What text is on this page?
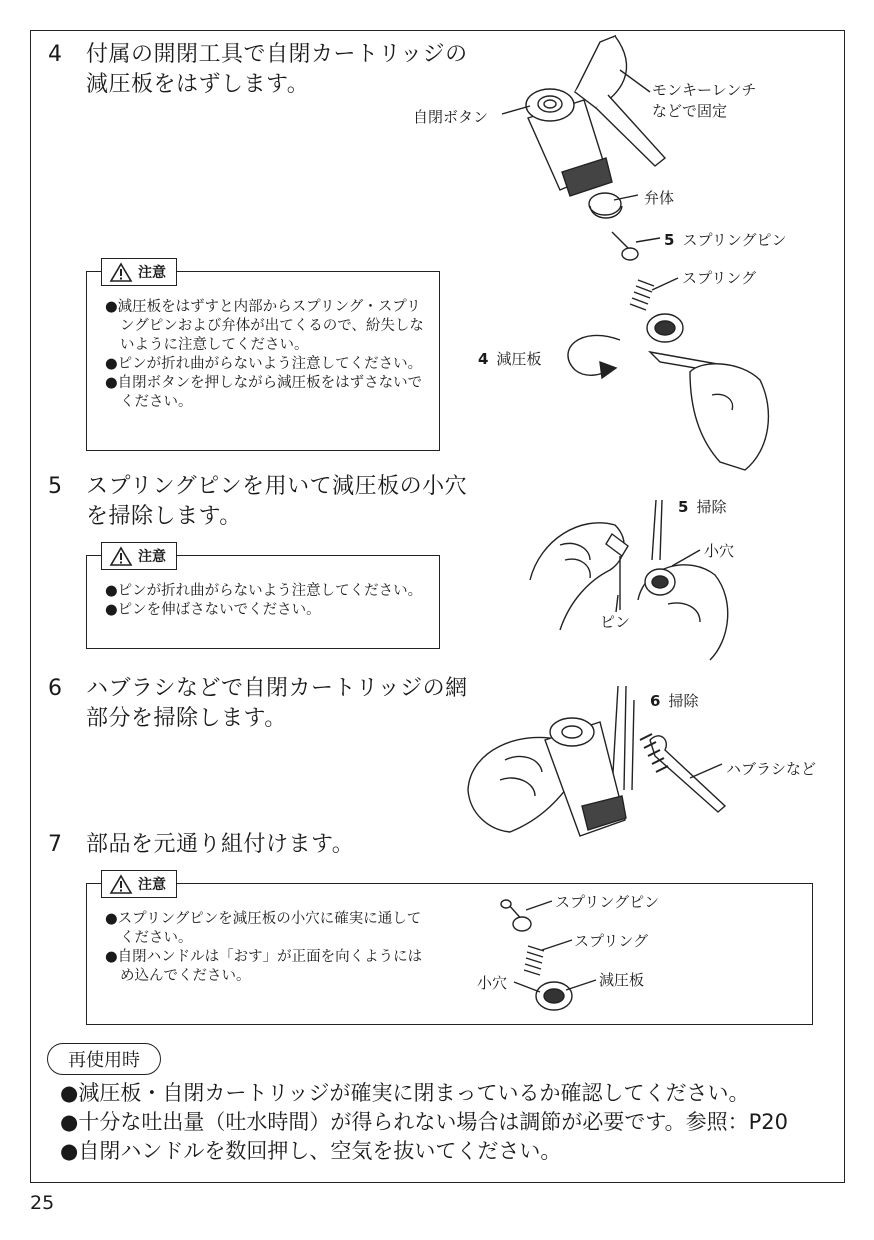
4 付属の開閉工具で自閉カートリッジの
減圧板をはずします。
注意
●減圧板をはずすと内部からスプリング・スプリングピンおよび弁体が出てくるので、紛失しないように注意してください。
●ピンが折れ曲がらないよう注意してください。
●自閉ボタンを押しながら減圧板をはずさないでください。
モンキーレンチ
などで固定
自閉ボタン
弁体
5 スプリングピン
スプリング
4 減圧板
5 スプリングピンを用いて減圧板の小穴
を掃除します。
注意
●ピンが折れ曲がらないよう注意してください。
●ピンを伸ばさないでください。
5 掃除
小穴
ピン
6 ハブラシなどで自閉カートリッジの網
部分を掃除します。
6 掃除
ハブラシなど
7 部品を元通り組付けます。
注意
●スプリングピンを減圧板の小穴に確実に通してください。
●自閉ハンドルは「おす」が正面を向くようにはめ込んでください。
スプリングピン
スプリング
小穴	減圧板
再使用時
●減圧板・自閉カートリッジが確実に閉まっているか確認してください。
●十分な吐出量（吐水時間）が得られない場合は調節が必要です。参照：P20
●自閉ハンドルを数回押し、空気を抜いてください。
25
